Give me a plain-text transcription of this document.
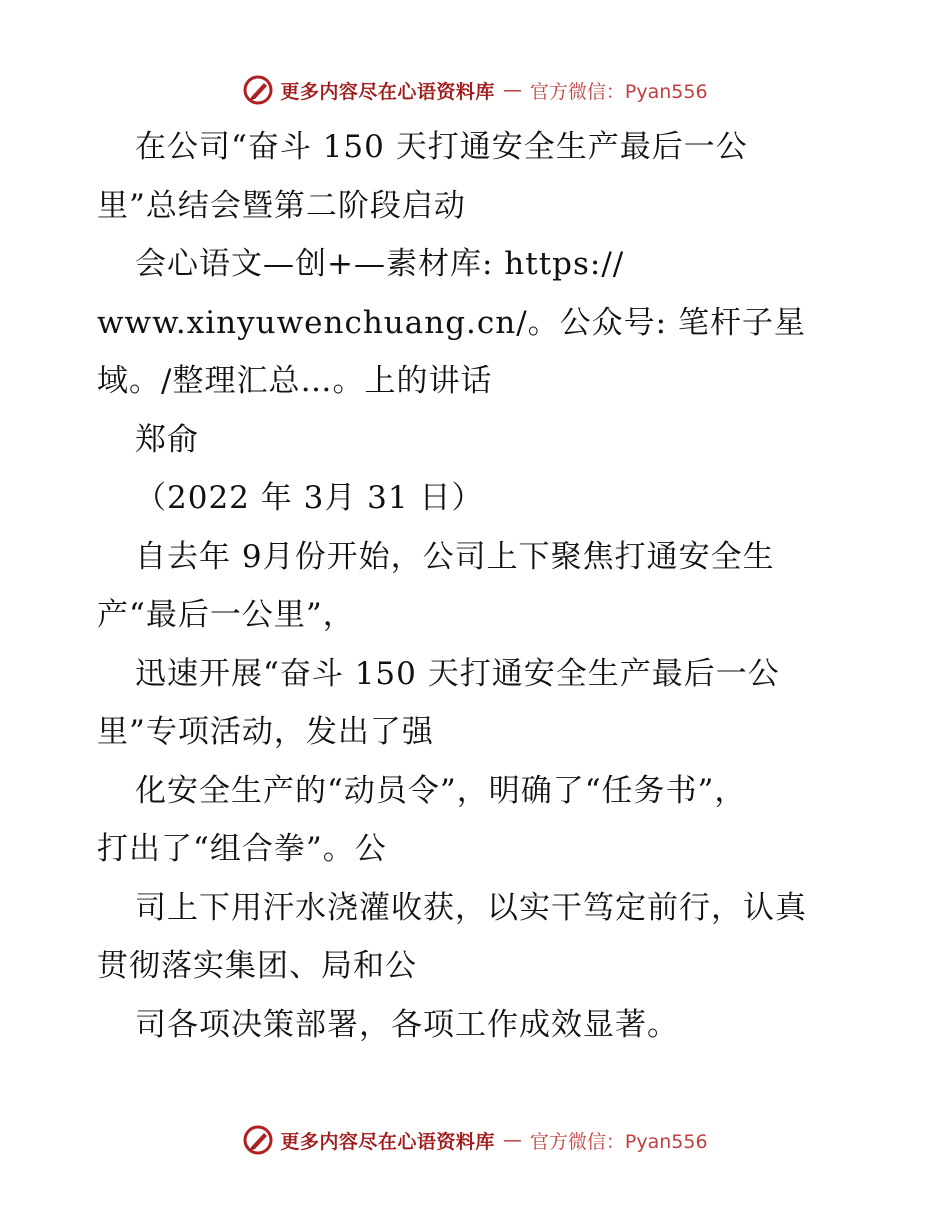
更多内容尽在心语资料库 — 官方微信：Pyan556
在公司“奋斗 150 天打通安全生产最后一公
里”总结会暨第二阶段启动
会心语文—创+—素材库: https://
www.xinyuwenchuang.cn/。公众号: 笔杆子星
域。/整理汇总…。上的讲话
郑俞
（2022 年 3月 31 日）
自去年 9月份开始，公司上下聚焦打通安全生
产“最后一公里”，
迅速开展“奋斗 150 天打通安全生产最后一公
里”专项活动，发出了强
化安全生产的“动员令”，明确了“任务书”，
打出了“组合拳”。公
司上下用汗水浇灌收获，以实干笃定前行，认真
贯彻落实集团、局和公
司各项决策部署，各项工作成效显著。
更多内容尽在心语资料库 — 官方微信：Pyan556
